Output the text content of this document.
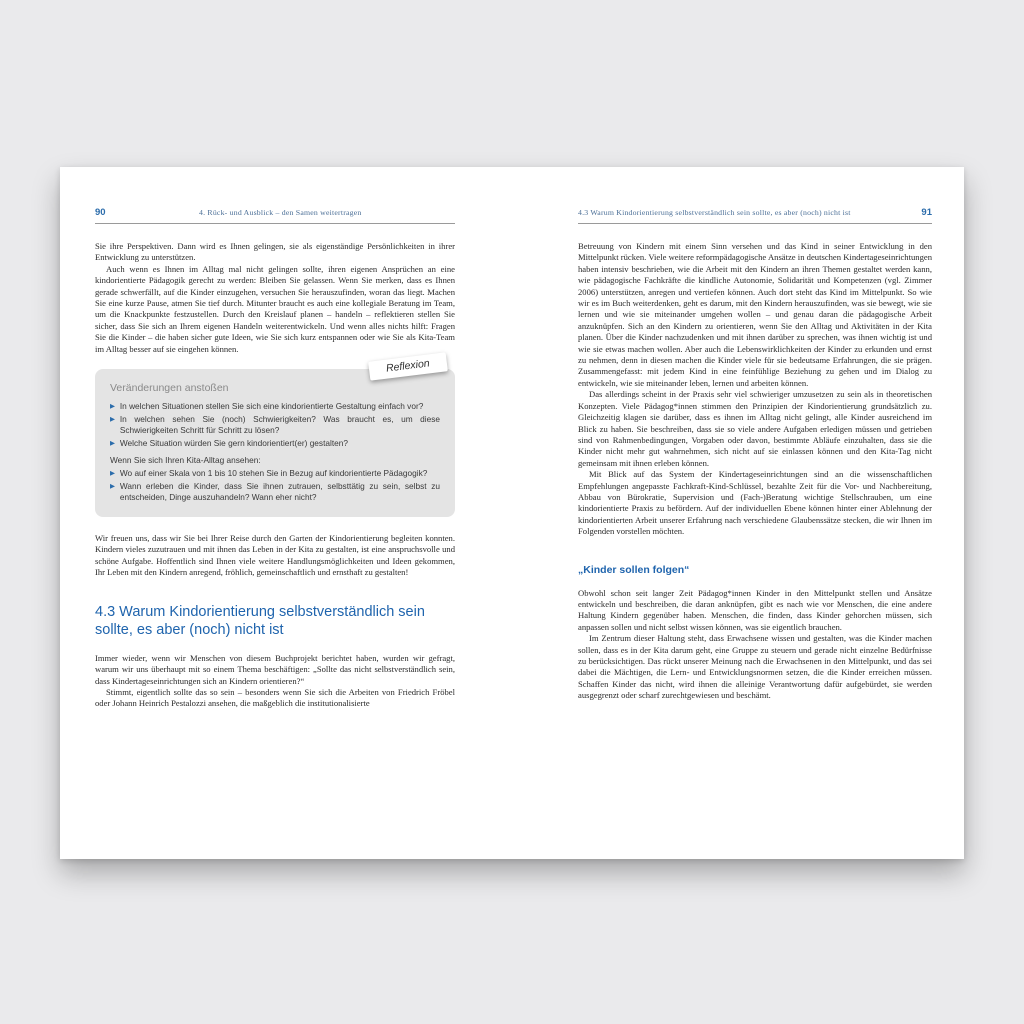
90	4. Rück- und Ausblick – den Samen weitertragen

Sie ihre Perspektiven. Dann wird es Ihnen gelingen, sie als eigenständige Persönlichkeiten in ihrer Entwicklung zu unterstützen.

Auch wenn es Ihnen im Alltag mal nicht gelingen sollte, ihren eigenen Ansprüchen an eine kindorientierte Pädagogik gerecht zu werden: Bleiben Sie gelassen. Wenn Sie merken, dass es Ihnen gerade schwerfällt, auf die Kinder einzugehen, versuchen Sie herauszufinden, woran das liegt. Machen Sie eine kurze Pause, atmen Sie tief durch. Mitunter braucht es auch eine kollegiale Beratung im Team, um die Knackpunkte festzustellen. Durch den Kreislauf planen – handeln – reflektieren stellen Sie sicher, dass Sie sich an Ihrem eigenen Handeln weiterentwickeln. Und wenn alles nichts hilft: Fragen Sie die Kinder – die haben sicher gute Ideen, wie Sie sich kurz entspannen oder wie Sie als Kita-Team im Alltag besser auf sie eingehen können.

Reflexion
Veränderungen anstoßen
▶ In welchen Situationen stellen Sie sich eine kindorientierte Gestaltung einfach vor?
▶ In welchen sehen Sie (noch) Schwierigkeiten? Was braucht es, um diese Schwierigkeiten Schritt für Schritt zu lösen?
▶ Welche Situation würden Sie gern kindorientiert(er) gestalten?

Wenn Sie sich Ihren Kita-Alltag ansehen:

▶ Wo auf einer Skala von 1 bis 10 stehen Sie in Bezug auf kindorientierte Pädagogik?
▶ Wann erleben die Kinder, dass Sie ihnen zutrauen, selbsttätig zu sein, selbst zu entscheiden, Dinge auszuhandeln? Wann eher nicht?

Wir freuen uns, dass wir Sie bei Ihrer Reise durch den Garten der Kindorientierung begleiten konnten. Kindern vieles zuzutrauen und mit ihnen das Leben in der Kita zu gestalten, ist eine anspruchsvolle und schöne Aufgabe. Hoffentlich sind Ihnen viele weitere Handlungsmöglichkeiten und Ideen gekommen, Ihr Leben mit den Kindern anregend, fröhlich, gemeinschaftlich und ernsthaft zu gestalten!

4.3 Warum Kindorientierung selbstverständlich sein sollte, es aber (noch) nicht ist

Immer wieder, wenn wir Menschen von diesem Buchprojekt berichtet haben, wurden wir gefragt, warum wir uns überhaupt mit so einem Thema beschäftigen: „Sollte das nicht selbstverständlich sein, dass Kindertageseinrichtungen sich an Kindern orientieren?“

Stimmt, eigentlich sollte das so sein – besonders wenn Sie sich die Arbeiten von Friedrich Fröbel oder Johann Heinrich Pestalozzi ansehen, die maßgeblich die institutionalisierte

4.3 Warum Kindorientierung selbstverständlich sein sollte, es aber (noch) nicht ist	91

Betreuung von Kindern mit einem Sinn versehen und das Kind in seiner Entwicklung in den Mittelpunkt rücken. Viele weitere reformpädagogische Ansätze in deutschen Kindertageseinrichtungen haben intensiv beschrieben, wie die Arbeit mit den Kindern an ihren Themen gestaltet werden kann, wie pädagogische Fachkräfte die kindliche Autonomie, Solidarität und Kompetenzen (vgl. Zimmer 2006) unterstützen, anregen und vertiefen können. Auch dort steht das Kind im Mittelpunkt. So wie wir es im Buch weiterdenken, geht es darum, mit den Kindern herauszufinden, was sie bewegt, wie sie lernen und wie sie miteinander umgehen wollen – und genau daran die pädagogische Arbeit anzuknüpfen. Sich an den Kindern zu orientieren, wenn Sie den Alltag und Aktivitäten in der Kita planen. Über die Kinder nachzudenken und mit ihnen darüber zu sprechen, was ihnen wichtig ist und wie sie etwas machen wollen. Aber auch die Lebenswirklichkeiten der Kinder zu erkunden und ernst zu nehmen, denn in diesen machen die Kinder viele für sie bedeutsame Erfahrungen, die sie prägen. Zusammengefasst: mit jedem Kind in eine feinfühlige Beziehung zu gehen und im Dialog zu entwickeln, wie sie miteinander leben, lernen und arbeiten können.

Das allerdings scheint in der Praxis sehr viel schwieriger umzusetzen zu sein als in theoretischen Konzepten. Viele Pädagog*innen stimmen den Prinzipien der Kindorientierung grundsätzlich zu. Gleichzeitig klagen sie darüber, dass es ihnen im Alltag nicht gelingt, alle Kinder ausreichend im Blick zu haben. Sie beschreiben, dass sie so viele andere Aufgaben erledigen müssen und getrieben sind von Rahmenbedingungen, Vorgaben oder davon, bestimmte Abläufe einzuhalten, dass sie die Kinder nicht mehr gut wahrnehmen, sich nicht auf sie einlassen können und den Kita-Tag nicht gemeinsam mit ihnen erleben können.

Mit Blick auf das System der Kindertageseinrichtungen sind an die wissenschaftlichen Empfehlungen angepasste Fachkraft-Kind-Schlüssel, bezahlte Zeit für die Vor- und Nachbereitung, Abbau von Bürokratie, Supervision und (Fach-)Beratung wichtige Stellschrauben, um eine kindorientierte Praxis zu befördern. Auf der individuellen Ebene können hinter einer Ablehnung der kindorientierten Arbeit unserer Erfahrung nach verschiedene Glaubenssätze stecken, die wir Ihnen im Folgenden vorstellen möchten.

„Kinder sollen folgen“

Obwohl schon seit langer Zeit Pädagog*innen Kinder in den Mittelpunkt stellen und Ansätze entwickeln und beschreiben, die daran anknüpfen, gibt es nach wie vor Menschen, die eine andere Haltung Kindern gegenüber haben. Menschen, die finden, dass Kinder gehorchen müssen, sich anpassen sollen und nicht selbst wissen können, was sie eigentlich brauchen.

Im Zentrum dieser Haltung steht, dass Erwachsene wissen und gestalten, was die Kinder machen sollen, dass es in der Kita darum geht, eine Gruppe zu steuern und gerade nicht einzelne Bedürfnisse zu berücksichtigen. Das rückt unserer Meinung nach die Erwachsenen in den Mittelpunkt, und das sei dabei die Mächtigen, die Lern- und Entwicklungsnormen setzen, die die Kinder erreichen müssen. Schaffen Kinder das nicht, wird ihnen die alleinige Verantwortung dafür aufgebürdet, sie werden ausgegrenzt oder scharf zurechtgewiesen und beschämt.
